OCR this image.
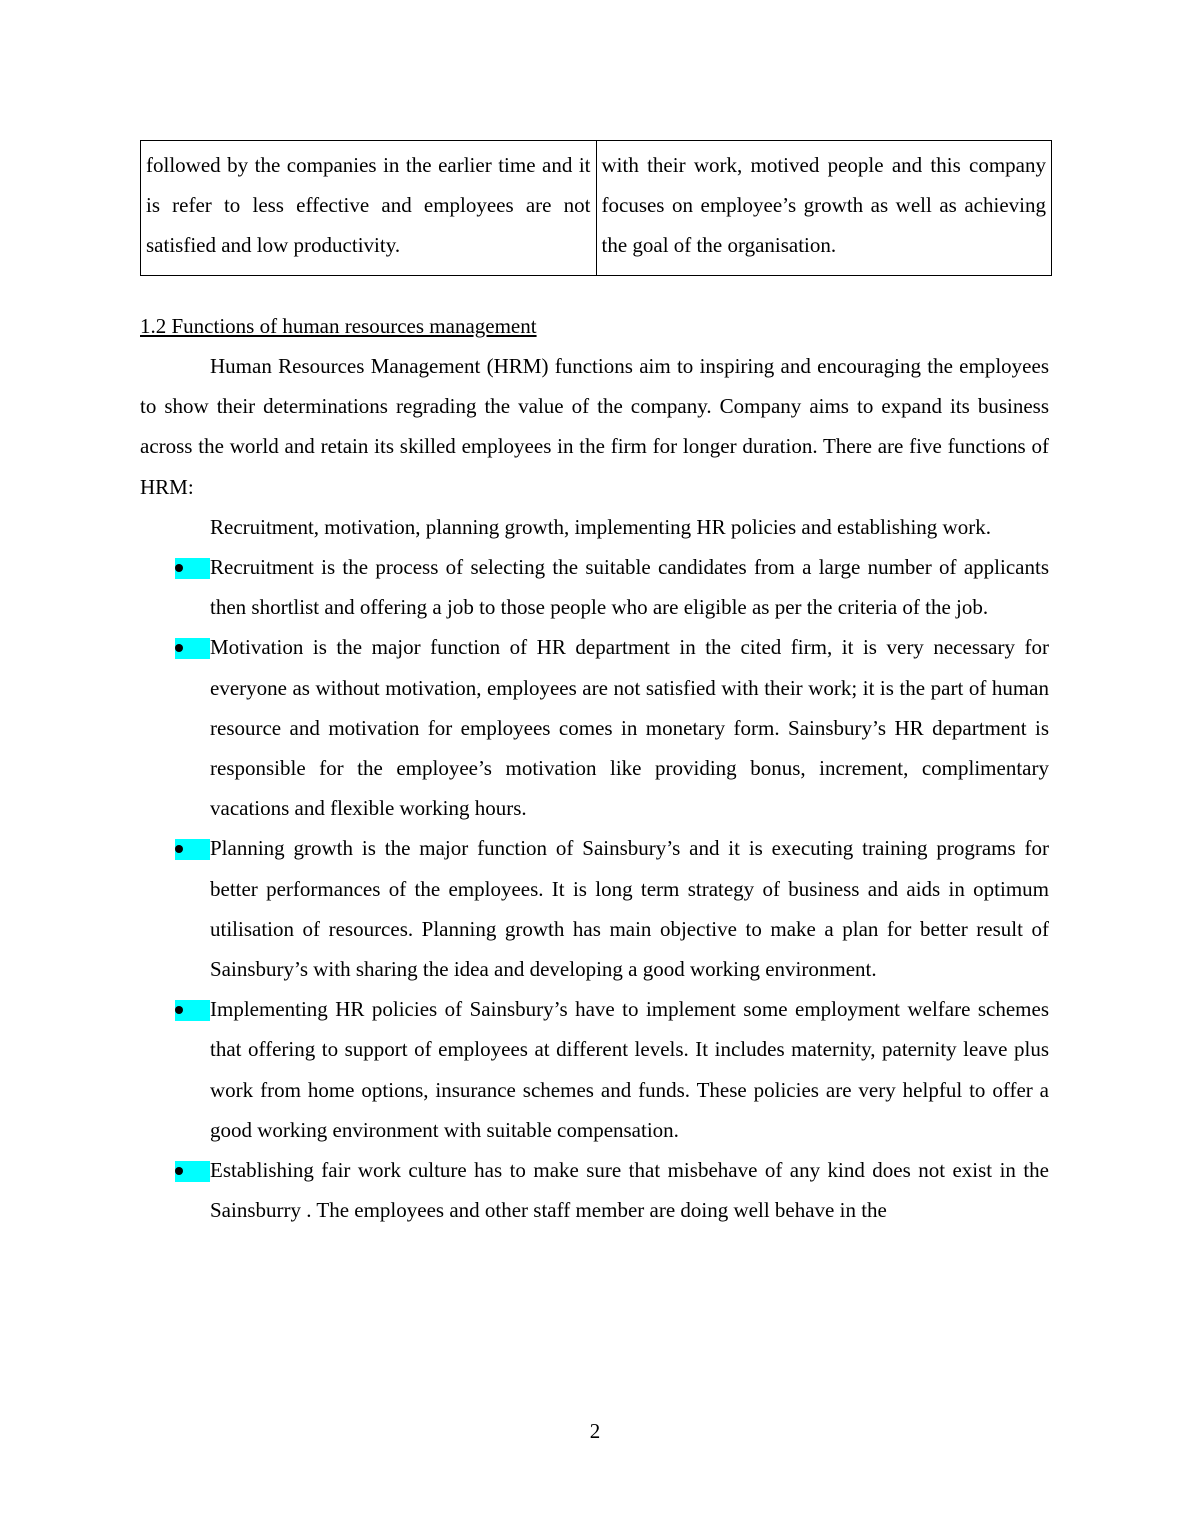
followed by the companies in the earlier time and it is refer to less effective and employees are not satisfied and low productivity.	with their work, motived people and this company focuses on employee’s growth as well as achieving the goal of the organisation.
1.2 Functions of human resources management

Human Resources Management (HRM) functions aim to inspiring and encouraging the employees to show their determinations regrading the value of the company. Company aims to expand its business across the world and retain its skilled employees in the firm for longer duration. There are five functions of HRM:

Recruitment, motivation, planning growth, implementing HR policies and establishing work.

Recruitment is the process of selecting the suitable candidates from a large number of applicants then shortlist and offering a job to those people who are eligible as per the criteria of the job.
Motivation is the major function of HR department in the cited firm, it is very necessary for everyone as without motivation, employees are not satisfied with their work; it is the part of human resource and motivation for employees comes in monetary form. Sainsbury’s HR department is responsible for the employee’s motivation like providing bonus, increment, complimentary vacations and flexible working hours.
Planning growth is the major function of Sainsbury’s and it is executing training programs for better performances of the employees. It is long term strategy of business and aids in optimum utilisation of resources. Planning growth has main objective to make a plan for better result of Sainsbury’s with sharing the idea and developing a good working environment.
Implementing HR policies of Sainsbury’s have to implement some employment welfare schemes that offering to support of employees at different levels. It includes maternity, paternity leave plus work from home options, insurance schemes and funds. These policies are very helpful to offer a good working environment with suitable compensation.
Establishing fair work culture has to make sure that misbehave of any kind does not exist in the Sainsburry . The employees and other staff member are doing well behave in the
2
